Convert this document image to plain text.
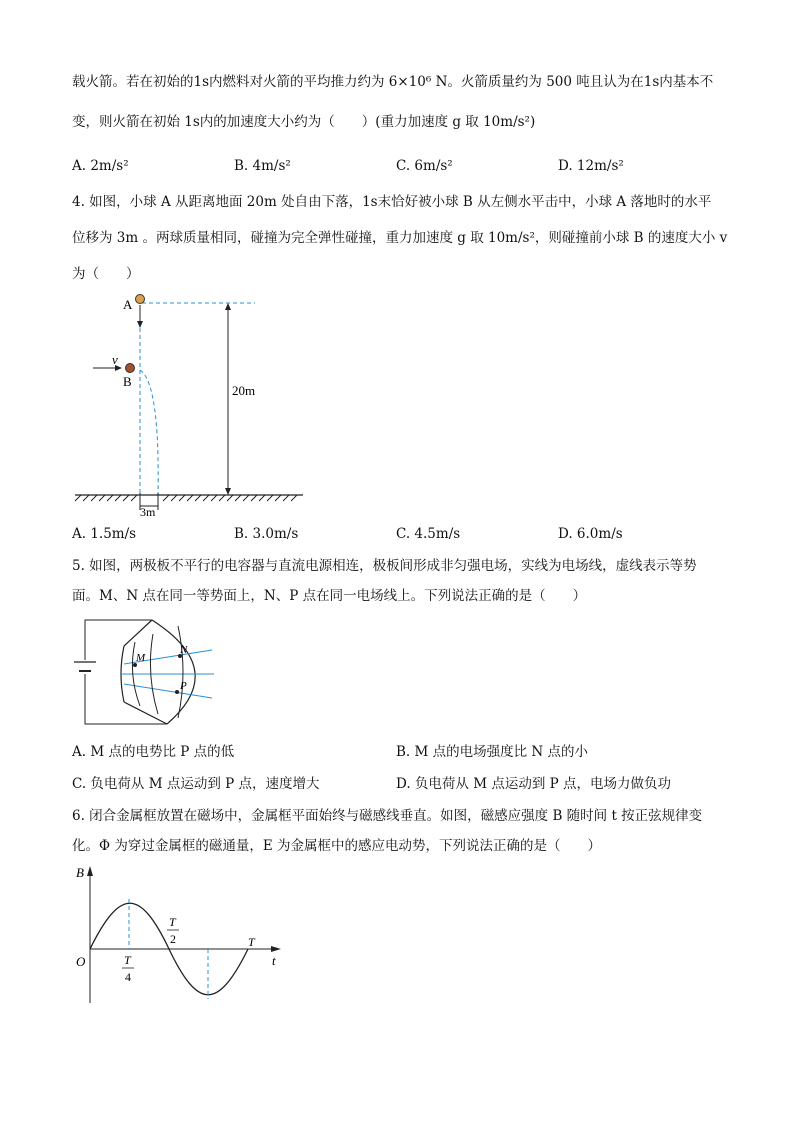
载火箭。若在初始的1s内燃料对火箭的平均推力约为 6×10⁶ N。火箭质量约为 500 吨且认为在1s内基本不
变，则火箭在初始 1s内的加速度大小约为（　　）(重力加速度 g 取 10m/s²)
A. 2m/s²	B. 4m/s²	C. 6m/s²	D. 12m/s²
4. 如图，小球 A 从距离地面 20m 处自由下落，1s末恰好被小球 B 从左侧水平击中，小球 A 落地时的水平
位移为 3m 。两球质量相同，碰撞为完全弹性碰撞，重力加速度 g 取 10m/s²，则碰撞前小球 B 的速度大小 v
为（　　）
A
B
v
20m
3m
A. 1.5m/s	B. 3.0m/s	C. 4.5m/s	D. 6.0m/s
5. 如图，两极板不平行的电容器与直流电源相连，极板间形成非匀强电场，实线为电场线，虚线表示等势
面。M、N 点在同一等势面上，N、P 点在同一电场线上。下列说法正确的是（　　）
M
N
P
A. M 点的电势比 P 点的低	B. M 点的电场强度比 N 点的小
C. 负电荷从 M 点运动到 P 点，速度增大	D. 负电荷从 M 点运动到 P 点，电场力做负功
6. 闭合金属框放置在磁场中，金属框平面始终与磁感线垂直。如图，磁感应强度 B 随时间 t 按正弦规律变
化。Φ 为穿过金属框的磁通量，E 为金属框中的感应电动势，下列说法正确的是（　　）
B
O	t
T
2	T
T
4
